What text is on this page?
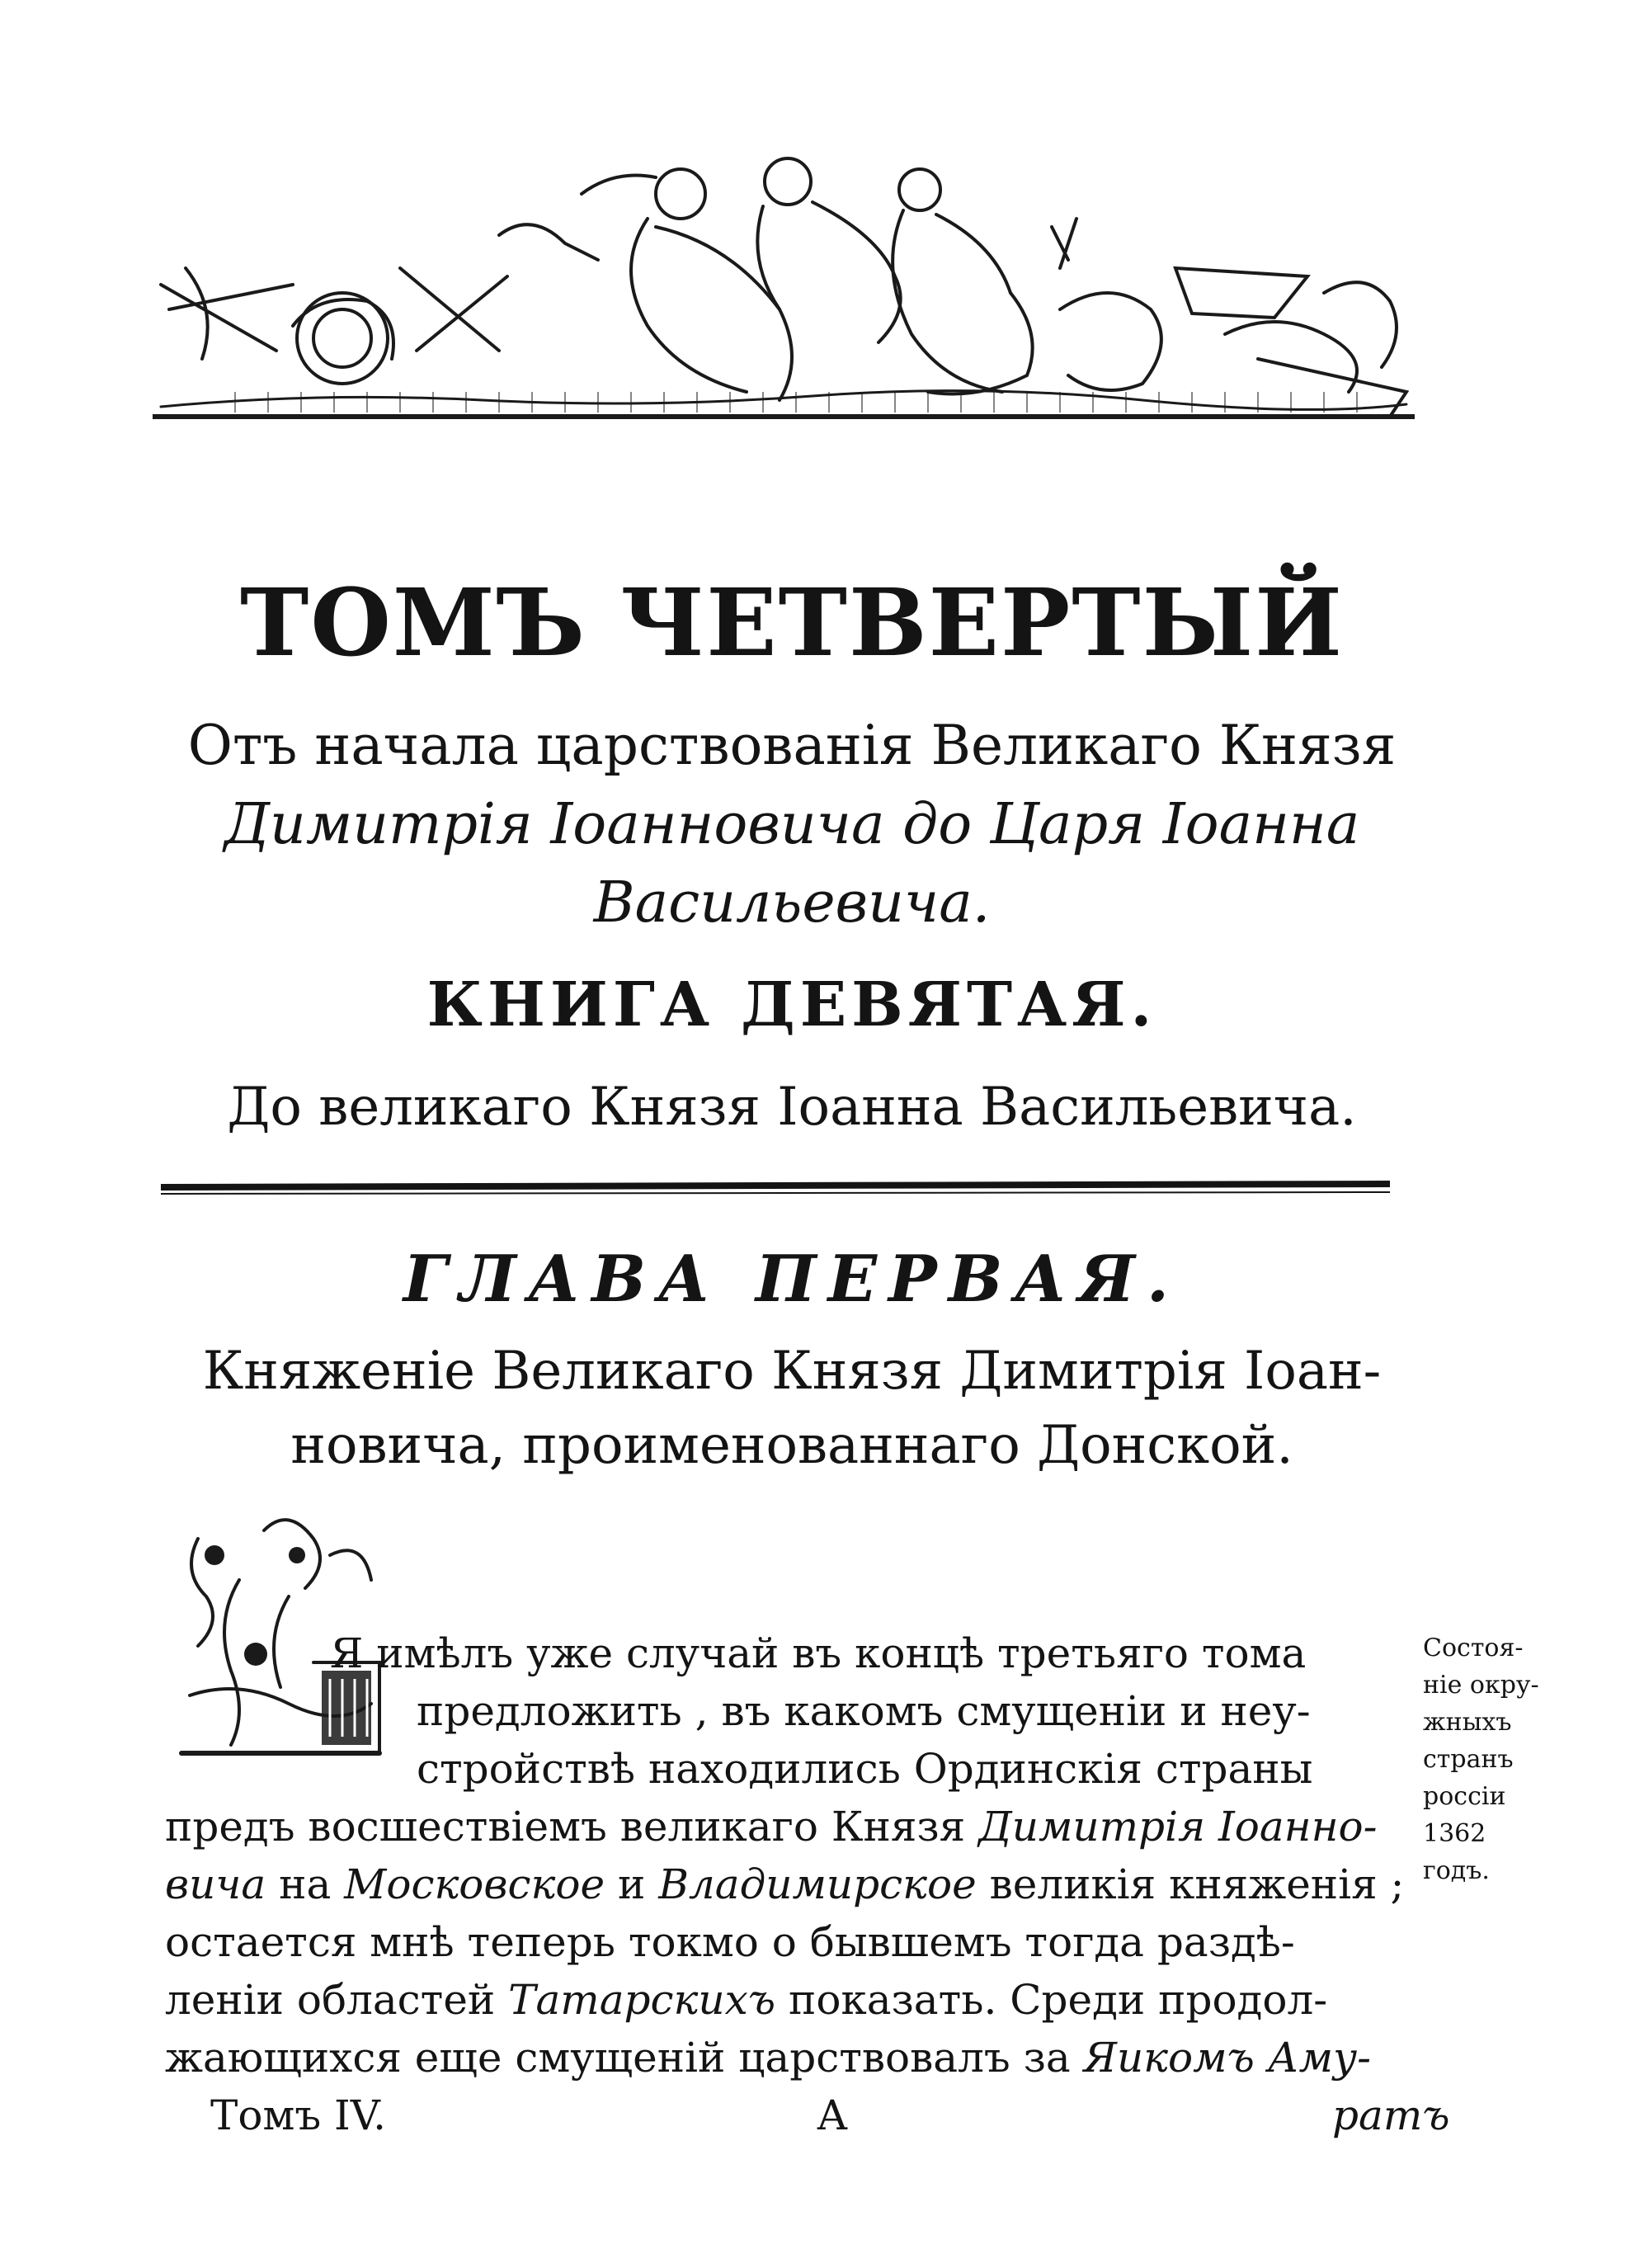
ТОМЪ ЧЕТВЕРТЫЙ
Отъ начала царствованія Великаго Князя
Димитрія Іоанновича до Царя Іоанна
Васильевича.
КНИГА ДЕВЯТАЯ.
До великаго Князя Іоанна Васильевича.
ГЛАВА ПЕРВАЯ.
Княженіе Великаго Князя Димитрія Іоан-
новича, проименованнаго Донской.
Я имѣлъ уже случай въ концѣ третьяго тома
предложить , въ какомъ смущеніи и неу-
стройствѣ находились Ординскія страны
предъ восшествіемъ великаго Князя Димитрія Іоанно-
вича на Московское и Владимирское великія княженія ;
остается мнѣ теперь токмо о бывшемъ тогда раздѣ-
леніи областей Татарскихъ показать. Среди продол-
жающихся еще смущеній царствовалъ за Яикомъ Аму-
Томъ IV.	А	ратъ
Состоя-
ніе окру-
жныхъ
странъ
россіи
1362
годъ.
